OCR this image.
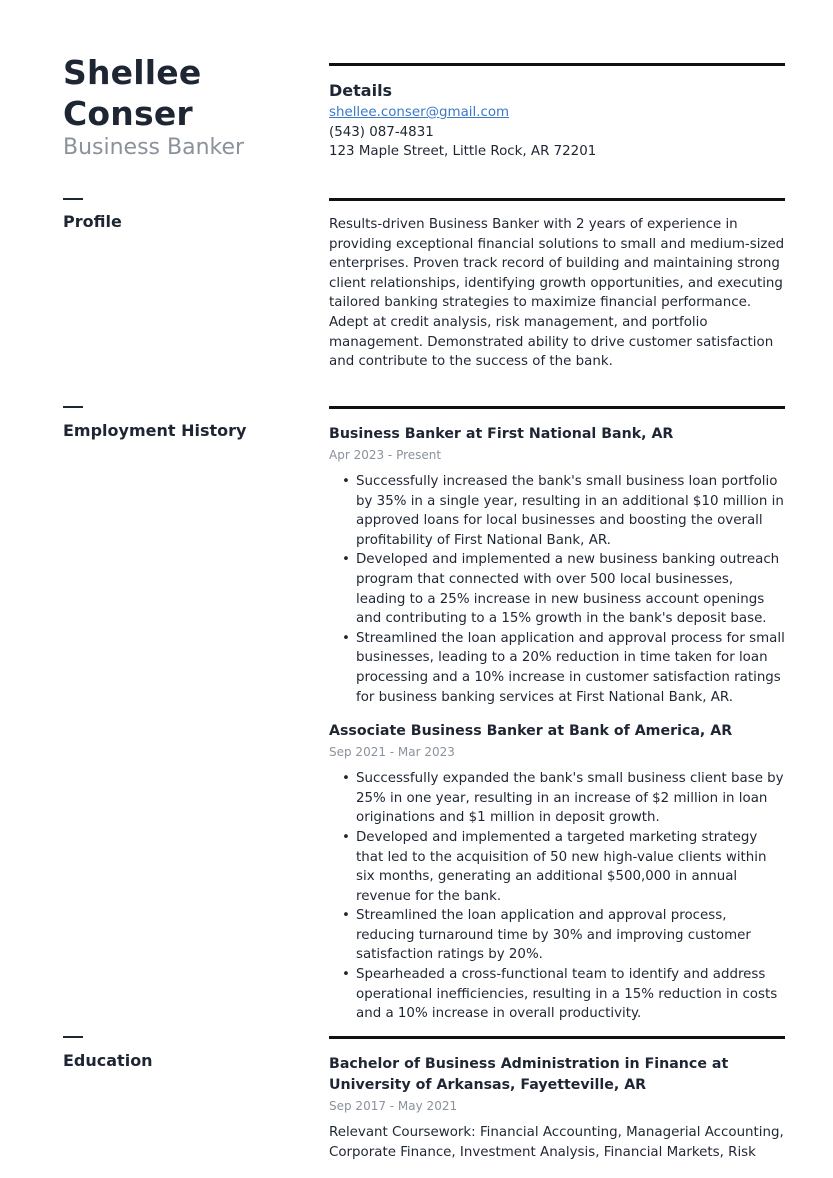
Shellee
Conser
Business Banker
Details
shellee.conser@gmail.com
(543) 087-4831
123 Maple Street, Little Rock, AR 72201
Profile	Results-driven Business Banker with 2 years of experience in providing exceptional financial solutions to small and medium-sized enterprises. Proven track record of building and maintaining strong client relationships, identifying growth opportunities, and executing tailored banking strategies to maximize financial performance. Adept at credit analysis, risk management, and portfolio management. Demonstrated ability to drive customer satisfaction and contribute to the success of the bank.
Employment History	Business Banker at First National Bank, AR
Apr 2023 - Present
• Successfully increased the bank's small business loan portfolio by 35% in a single year, resulting in an additional $10 million in approved loans for local businesses and boosting the overall profitability of First National Bank, AR.
• Developed and implemented a new business banking outreach program that connected with over 500 local businesses, leading to a 25% increase in new business account openings and contributing to a 15% growth in the bank's deposit base.
• Streamlined the loan application and approval process for small businesses, leading to a 20% reduction in time taken for loan processing and a 10% increase in customer satisfaction ratings for business banking services at First National Bank, AR.
Associate Business Banker at Bank of America, AR
Sep 2021 - Mar 2023
• Successfully expanded the bank's small business client base by 25% in one year, resulting in an increase of $2 million in loan originations and $1 million in deposit growth.
• Developed and implemented a targeted marketing strategy that led to the acquisition of 50 new high-value clients within six months, generating an additional $500,000 in annual revenue for the bank.
• Streamlined the loan application and approval process, reducing turnaround time by 30% and improving customer satisfaction ratings by 20%.
• Spearheaded a cross-functional team to identify and address operational inefficiencies, resulting in a 15% reduction in costs and a 10% increase in overall productivity.
Education	Bachelor of Business Administration in Finance at University of Arkansas, Fayetteville, AR
Sep 2017 - May 2021
Relevant Coursework: Financial Accounting, Managerial Accounting, Corporate Finance, Investment Analysis, Financial Markets, Risk
